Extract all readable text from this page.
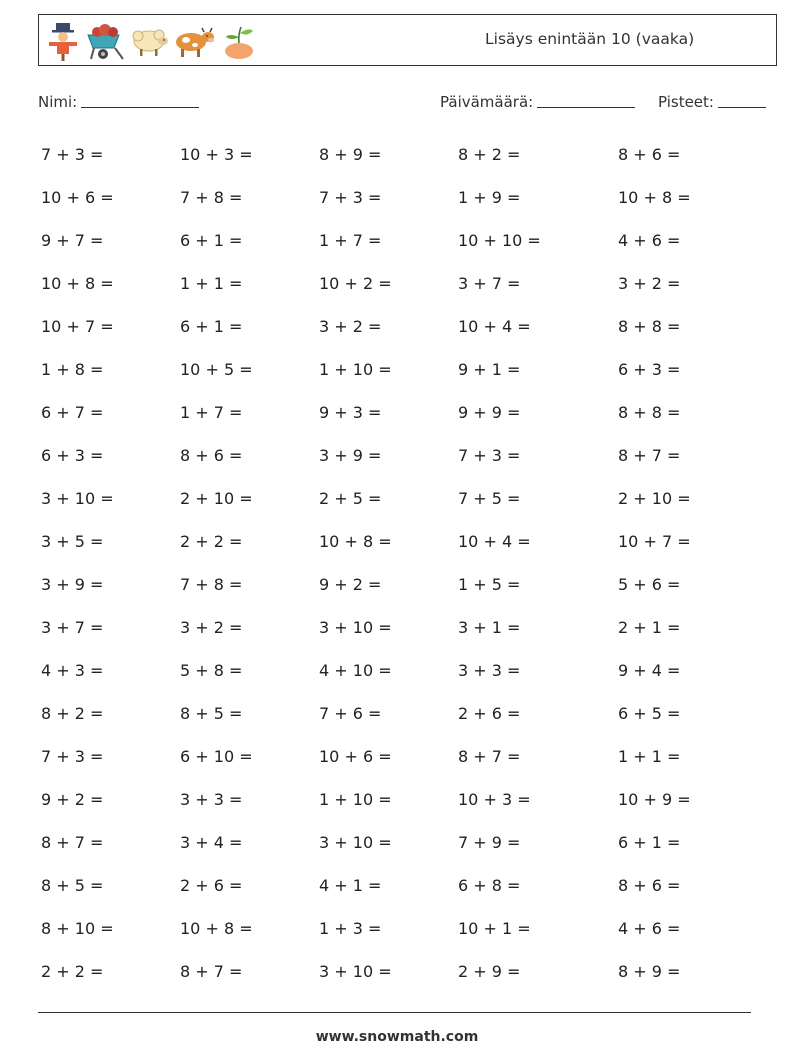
Lisäys enintään 10 (vaaka)
Nimi:	Päivämäärä:	Pisteet:
7 + 3 =	10 + 3 =	8 + 9 =	8 + 2 =	8 + 6 =
10 + 6 =	7 + 8 =	7 + 3 =	1 + 9 =	10 + 8 =
9 + 7 =	6 + 1 =	1 + 7 =	10 + 10 =	4 + 6 =
10 + 8 =	1 + 1 =	10 + 2 =	3 + 7 =	3 + 2 =
10 + 7 =	6 + 1 =	3 + 2 =	10 + 4 =	8 + 8 =
1 + 8 =	10 + 5 =	1 + 10 =	9 + 1 =	6 + 3 =
6 + 7 =	1 + 7 =	9 + 3 =	9 + 9 =	8 + 8 =
6 + 3 =	8 + 6 =	3 + 9 =	7 + 3 =	8 + 7 =
3 + 10 =	2 + 10 =	2 + 5 =	7 + 5 =	2 + 10 =
3 + 5 =	2 + 2 =	10 + 8 =	10 + 4 =	10 + 7 =
3 + 9 =	7 + 8 =	9 + 2 =	1 + 5 =	5 + 6 =
3 + 7 =	3 + 2 =	3 + 10 =	3 + 1 =	2 + 1 =
4 + 3 =	5 + 8 =	4 + 10 =	3 + 3 =	9 + 4 =
8 + 2 =	8 + 5 =	7 + 6 =	2 + 6 =	6 + 5 =
7 + 3 =	6 + 10 =	10 + 6 =	8 + 7 =	1 + 1 =
9 + 2 =	3 + 3 =	1 + 10 =	10 + 3 =	10 + 9 =
8 + 7 =	3 + 4 =	3 + 10 =	7 + 9 =	6 + 1 =
8 + 5 =	2 + 6 =	4 + 1 =	6 + 8 =	8 + 6 =
8 + 10 =	10 + 8 =	1 + 3 =	10 + 1 =	4 + 6 =
2 + 2 =	8 + 7 =	3 + 10 =	2 + 9 =	8 + 9 =
www.snowmath.com
